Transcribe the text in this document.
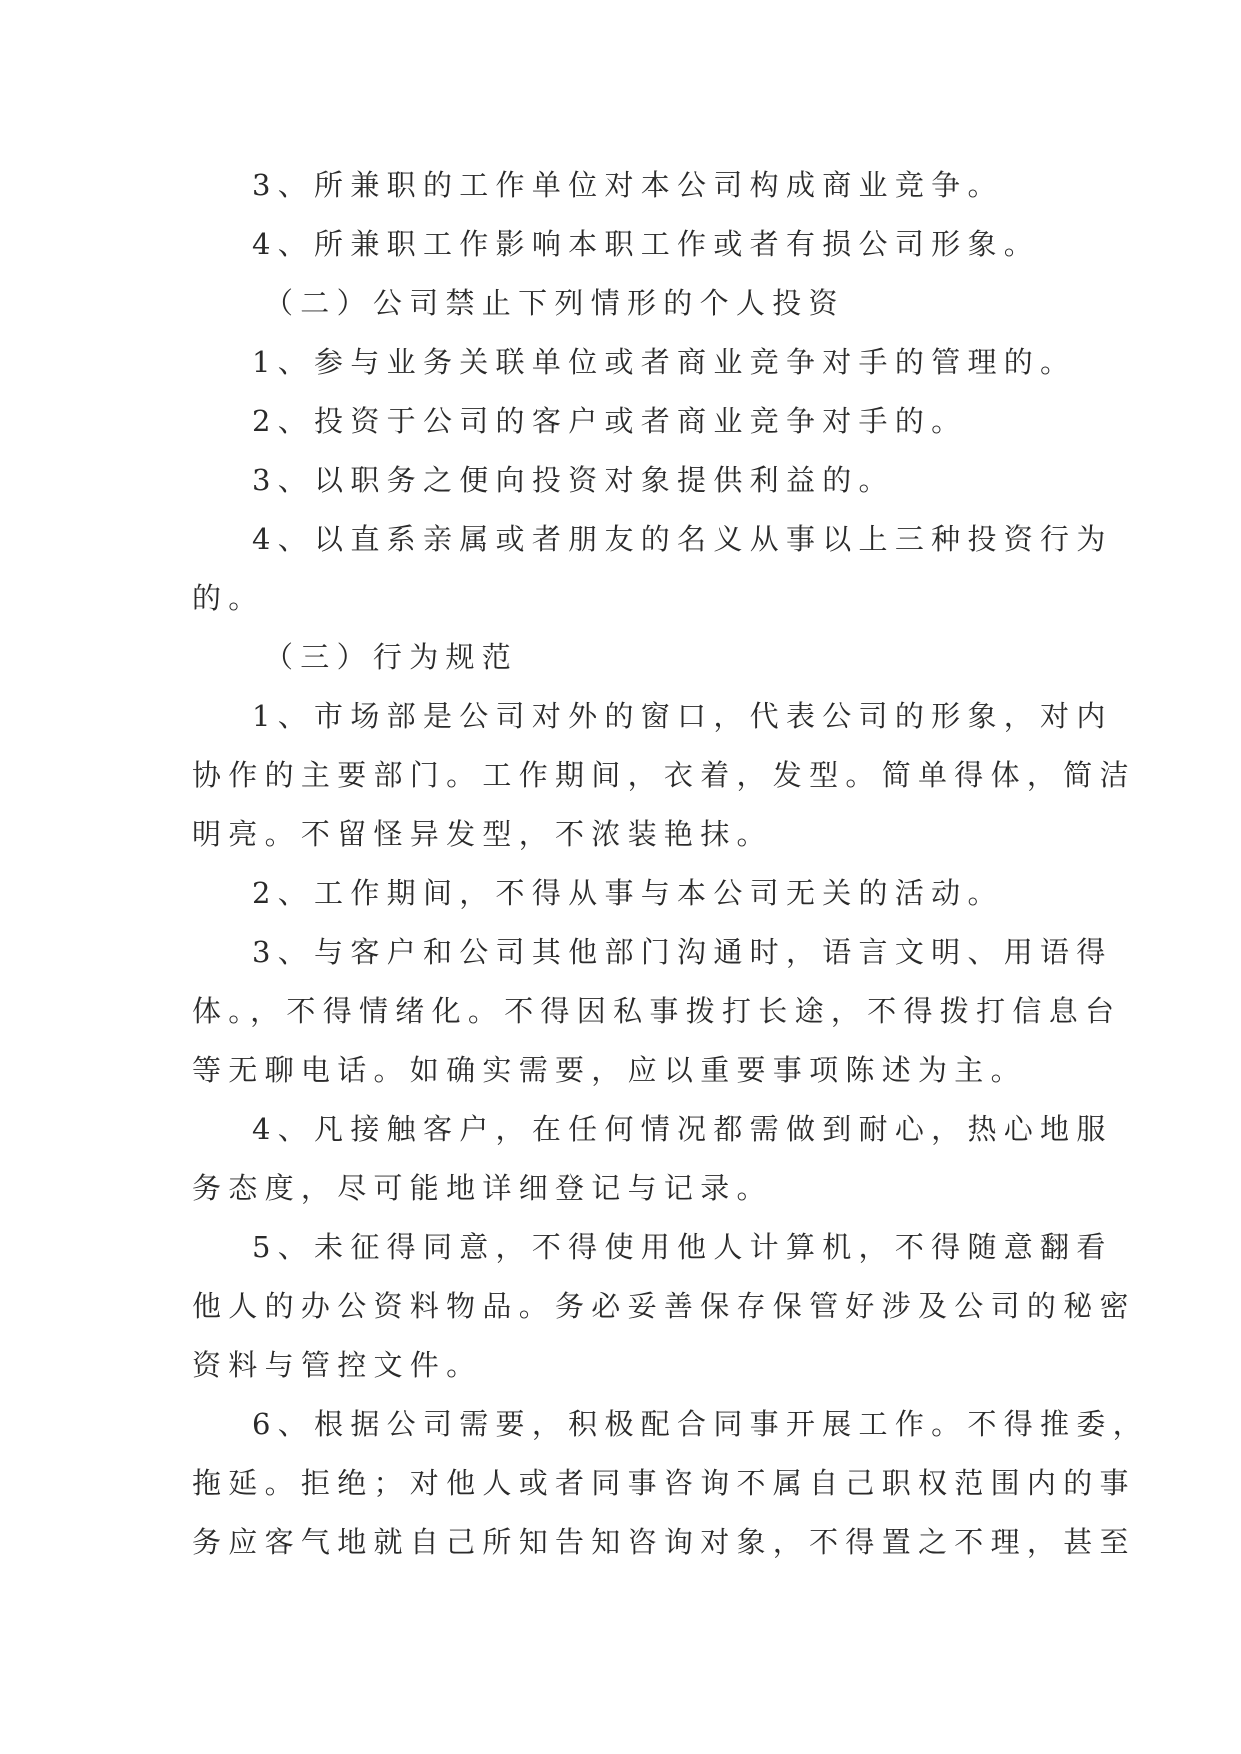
3、所兼职的工作单位对本公司构成商业竞争。

4、所兼职工作影响本职工作或者有损公司形象。

（二）公司禁止下列情形的个人投资

1、参与业务关联单位或者商业竞争对手的管理的。

2、投资于公司的客户或者商业竞争对手的。

3、以职务之便向投资对象提供利益的。

4、以直系亲属或者朋友的名义从事以上三种投资行为

的。

（三）行为规范

1、市场部是公司对外的窗口，代表公司的形象，对内

协作的主要部门。工作期间，衣着，发型。简单得体，简洁

明亮。不留怪异发型，不浓装艳抹。

2、工作期间，不得从事与本公司无关的活动。

3、与客户和公司其他部门沟通时，语言文明、用语得

体。，不得情绪化。不得因私事拨打长途，不得拨打信息台

等无聊电话。如确实需要，应以重要事项陈述为主。

4、凡接触客户，在任何情况都需做到耐心，热心地服

务态度，尽可能地详细登记与记录。

5、未征得同意，不得使用他人计算机，不得随意翻看

他人的办公资料物品。务必妥善保存保管好涉及公司的秘密

资料与管控文件。

6、根据公司需要，积极配合同事开展工作。不得推委，

拖延。拒绝；对他人或者同事咨询不属自己职权范围内的事

务应客气地就自己所知告知咨询对象，不得置之不理，甚至
